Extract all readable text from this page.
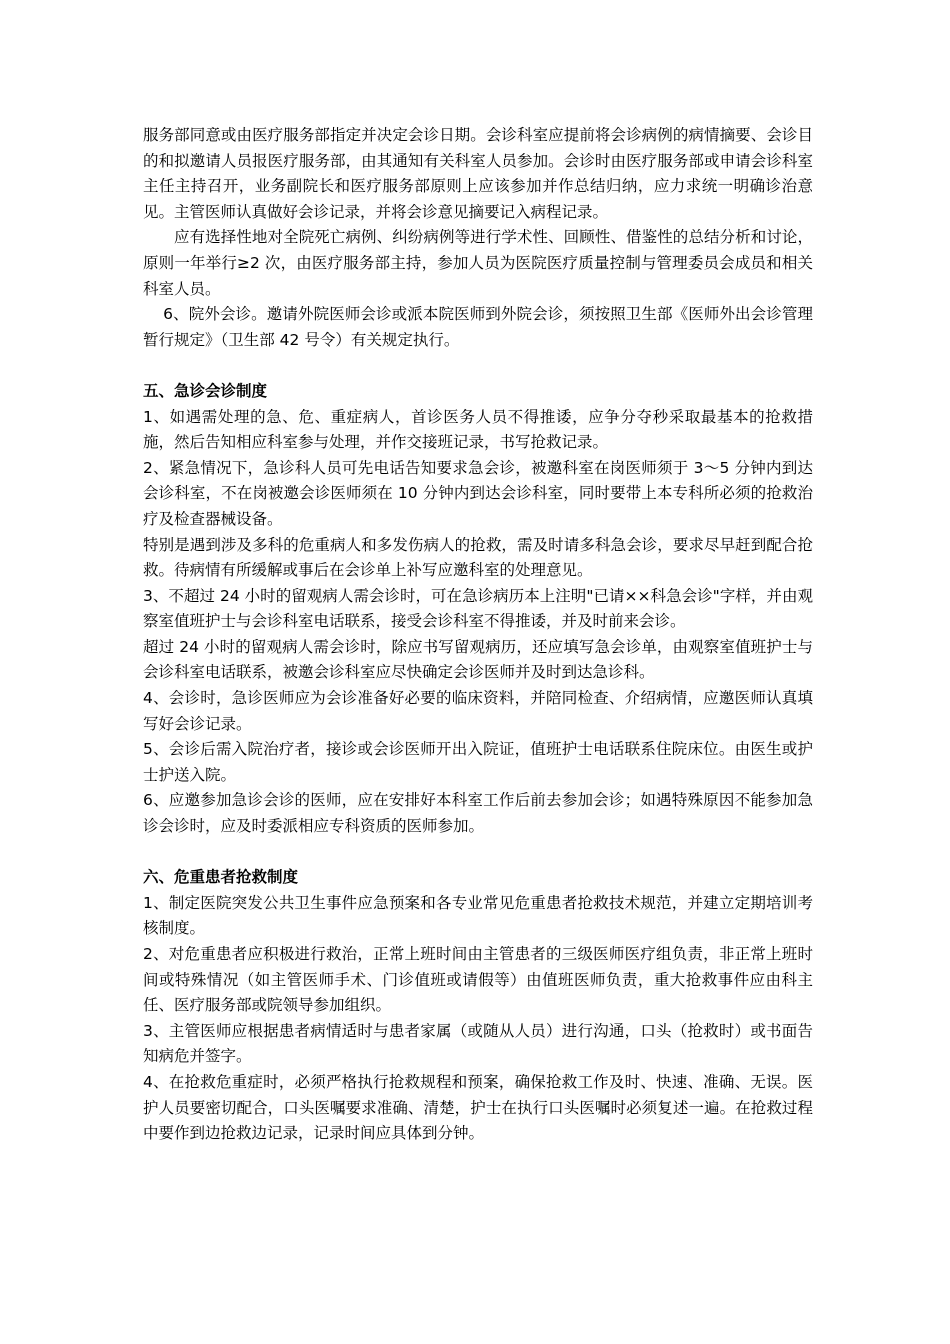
服务部同意或由医疗服务部指定并决定会诊日期。会诊科室应提前将会诊病例的病情摘要、会诊目的和拟邀请人员报医疗服务部，由其通知有关科室人员参加。会诊时由医疗服务部或申请会诊科室主任主持召开，业务副院长和医疗服务部原则上应该参加并作总结归纳，应力求统一明确诊治意见。主管医师认真做好会诊记录，并将会诊意见摘要记入病程记录。

应有选择性地对全院死亡病例、纠纷病例等进行学术性、回顾性、借鉴性的总结分析和讨论，原则一年举行≥2 次，由医疗服务部主持，参加人员为医院医疗质量控制与管理委员会成员和相关科室人员。

6、院外会诊。邀请外院医师会诊或派本院医师到外院会诊，须按照卫生部《医师外出会诊管理暂行规定》（卫生部 42 号令）有关规定执行。

五、急诊会诊制度

1、如遇需处理的急、危、重症病人，首诊医务人员不得推诿，应争分夺秒采取最基本的抢救措施，然后告知相应科室参与处理，并作交接班记录，书写抢救记录。

2、紧急情况下，急诊科人员可先电话告知要求急会诊，被邀科室在岗医师须于 3～5 分钟内到达会诊科室，不在岗被邀会诊医师须在 10 分钟内到达会诊科室，同时要带上本专科所必须的抢救治疗及检查器械设备。

特别是遇到涉及多科的危重病人和多发伤病人的抢救，需及时请多科急会诊，要求尽早赶到配合抢救。待病情有所缓解或事后在会诊单上补写应邀科室的处理意见。

3、不超过 24 小时的留观病人需会诊时，可在急诊病历本上注明"已请××科急会诊"字样，并由观察室值班护士与会诊科室电话联系，接受会诊科室不得推诿，并及时前来会诊。

超过 24 小时的留观病人需会诊时，除应书写留观病历，还应填写急会诊单，由观察室值班护士与会诊科室电话联系，被邀会诊科室应尽快确定会诊医师并及时到达急诊科。

4、会诊时，急诊医师应为会诊准备好必要的临床资料，并陪同检查、介绍病情，应邀医师认真填写好会诊记录。

5、会诊后需入院治疗者，接诊或会诊医师开出入院证，值班护士电话联系住院床位。由医生或护士护送入院。

6、应邀参加急诊会诊的医师，应在安排好本科室工作后前去参加会诊；如遇特殊原因不能参加急诊会诊时，应及时委派相应专科资质的医师参加。

六、危重患者抢救制度

1、制定医院突发公共卫生事件应急预案和各专业常见危重患者抢救技术规范，并建立定期培训考核制度。

2、对危重患者应积极进行救治，正常上班时间由主管患者的三级医师医疗组负责，非正常上班时间或特殊情况（如主管医师手术、门诊值班或请假等）由值班医师负责，重大抢救事件应由科主任、医疗服务部或院领导参加组织。

3、主管医师应根据患者病情适时与患者家属（或随从人员）进行沟通，口头（抢救时）或书面告知病危并签字。

4、在抢救危重症时，必须严格执行抢救规程和预案，确保抢救工作及时、快速、准确、无误。医护人员要密切配合，口头医嘱要求准确、清楚，护士在执行口头医嘱时必须复述一遍。在抢救过程中要作到边抢救边记录，记录时间应具体到分钟。
